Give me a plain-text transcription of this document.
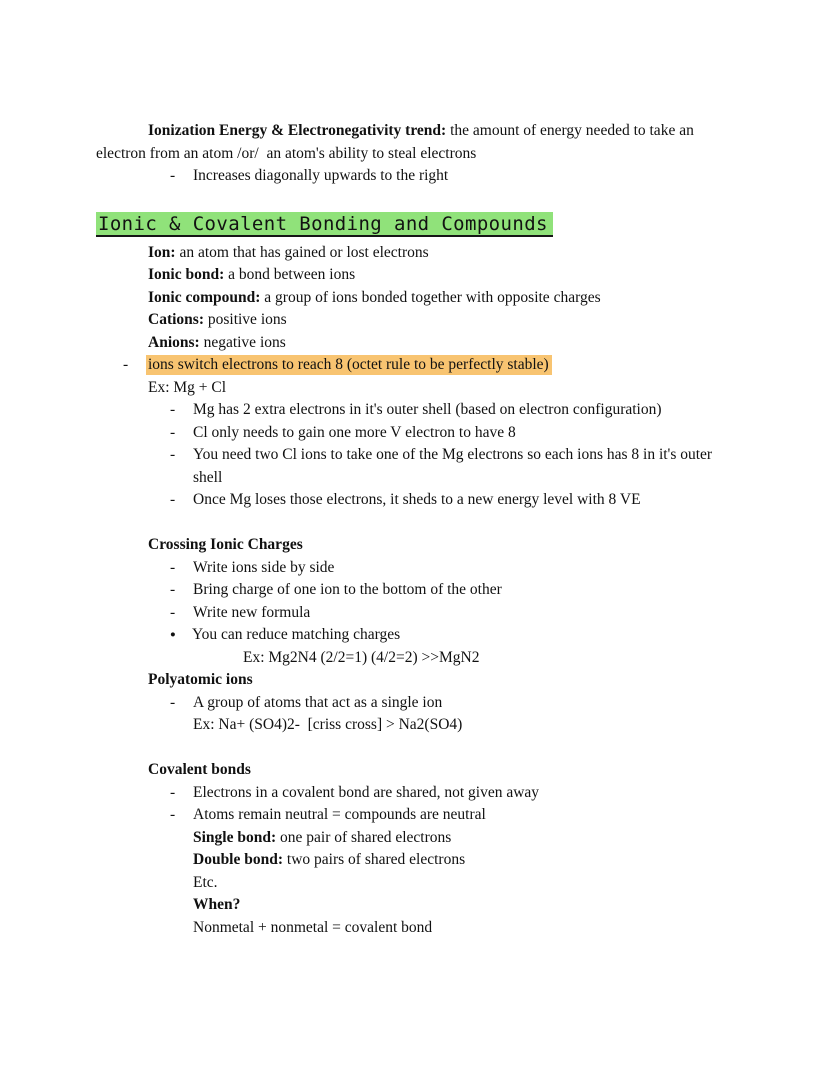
Ionization Energy & Electronegativity trend: the amount of energy needed to take an electron from an atom /or/  an atom's ability to steal electrons
-	Increases diagonally upwards to the right
Ionic & Covalent Bonding and Compounds
Ion: an atom that has gained or lost electrons
Ionic bond: a bond between ions
Ionic compound: a group of ions bonded together with opposite charges
Cations: positive ions
Anions: negative ions
-	ions switch electrons to reach 8 (octet rule to be perfectly stable)
Ex: Mg + Cl
-	Mg has 2 extra electrons in it's outer shell (based on electron configuration)
-	Cl only needs to gain one more V electron to have 8
-	You need two Cl ions to take one of the Mg electrons so each ions has 8 in it's outer shell
-	Once Mg loses those electrons, it sheds to a new energy level with 8 VE
Crossing Ionic Charges
-	Write ions side by side
-	Bring charge of one ion to the bottom of the other
-	Write new formula
●	You can reduce matching charges
Ex: Mg2N4 (2/2=1) (4/2=2) >>MgN2
Polyatomic ions
-	A group of atoms that act as a single ion
Ex: Na+ (SO4)2-  [criss cross] > Na2(SO4)
Covalent bonds
-	Electrons in a covalent bond are shared, not given away
-	Atoms remain neutral = compounds are neutral
Single bond: one pair of shared electrons
Double bond: two pairs of shared electrons
Etc.
When?
Nonmetal + nonmetal = covalent bond
